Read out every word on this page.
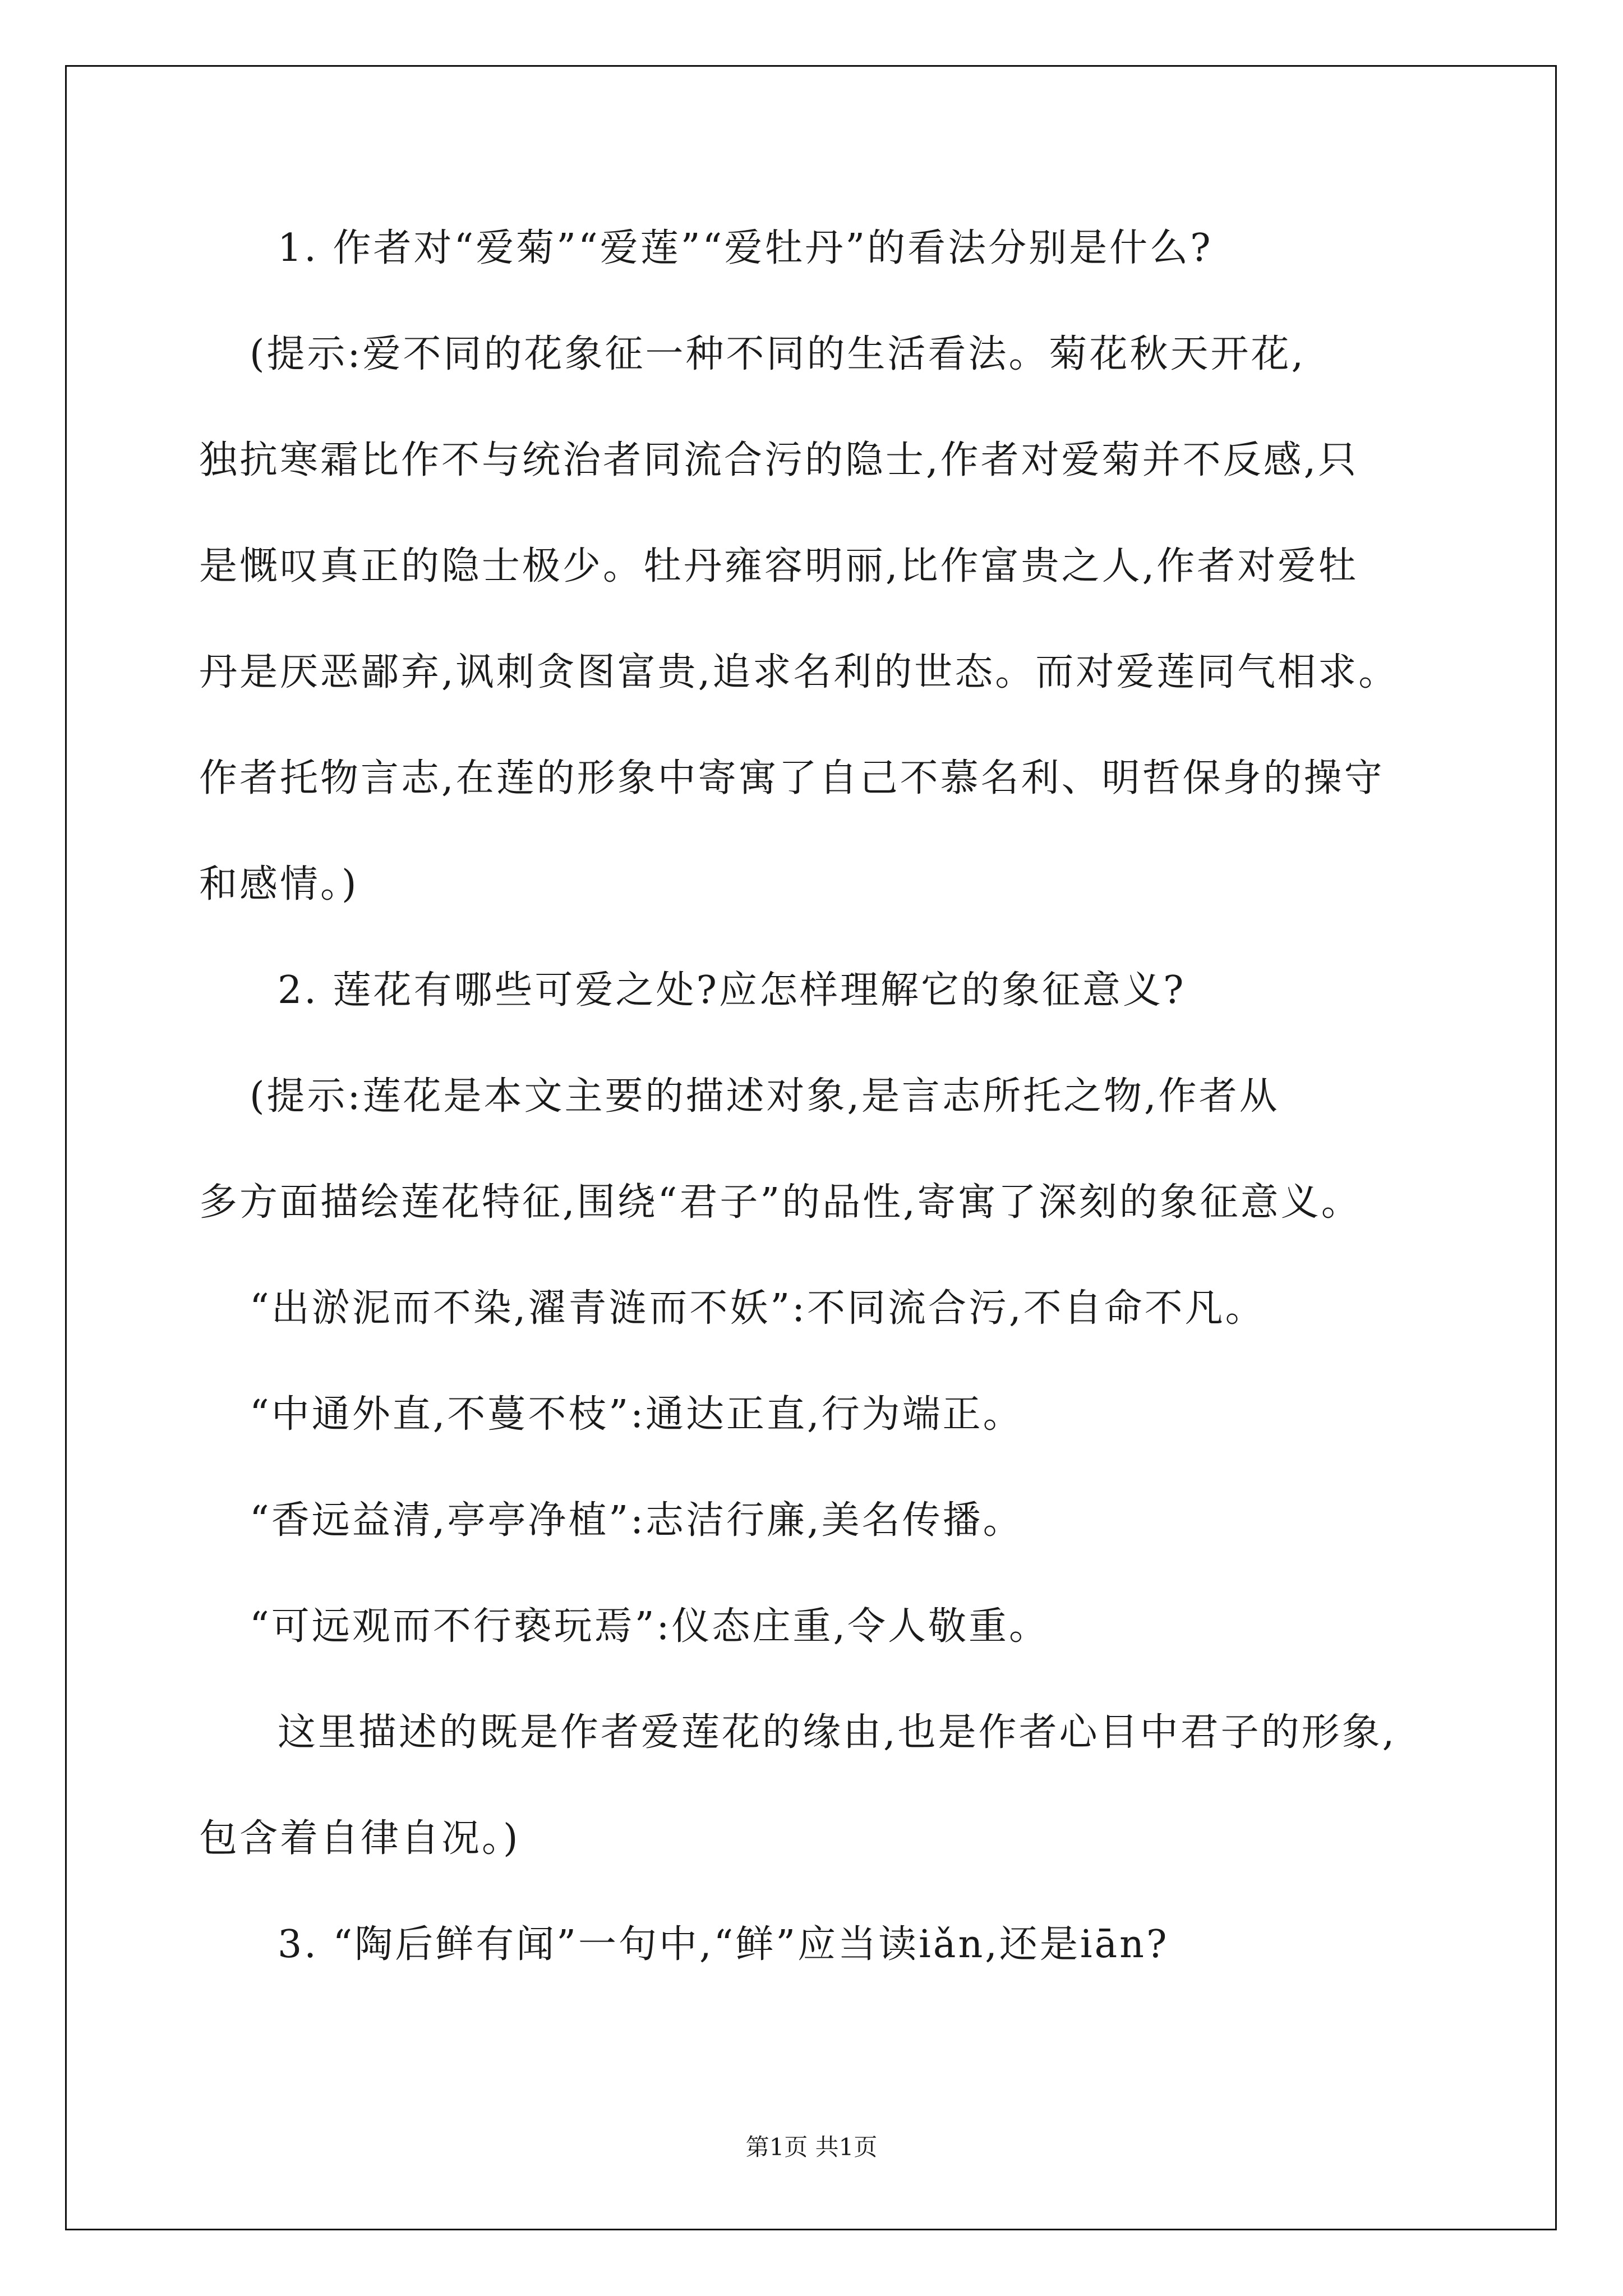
1. 作者对“爱菊”“爱莲”“爱牡丹”的看法分别是什么?
(提示:爱不同的花象征一种不同的生活看法。菊花秋天开花,
独抗寒霜比作不与统治者同流合污的隐士,作者对爱菊并不反感,只
是慨叹真正的隐士极少。牡丹雍容明丽,比作富贵之人,作者对爱牡
丹是厌恶鄙弃,讽刺贪图富贵,追求名利的世态。而对爱莲同气相求。
作者托物言志,在莲的形象中寄寓了自己不慕名利、明哲保身的操守
和感情。)
2. 莲花有哪些可爱之处?应怎样理解它的象征意义?
(提示:莲花是本文主要的描述对象,是言志所托之物,作者从
多方面描绘莲花特征,围绕“君子”的品性,寄寓了深刻的象征意义。
“出淤泥而不染,濯青涟而不妖”:不同流合污,不自命不凡。
“中通外直,不蔓不枝”:通达正直,行为端正。
“香远益清,亭亭净植”:志洁行廉,美名传播。
“可远观而不行亵玩焉”:仪态庄重,令人敬重。
这里描述的既是作者爱莲花的缘由,也是作者心目中君子的形象,
包含着自律自况。)
3. “陶后鲜有闻”一句中,“鲜”应当读iǎn,还是iān?
第1页 共1页
